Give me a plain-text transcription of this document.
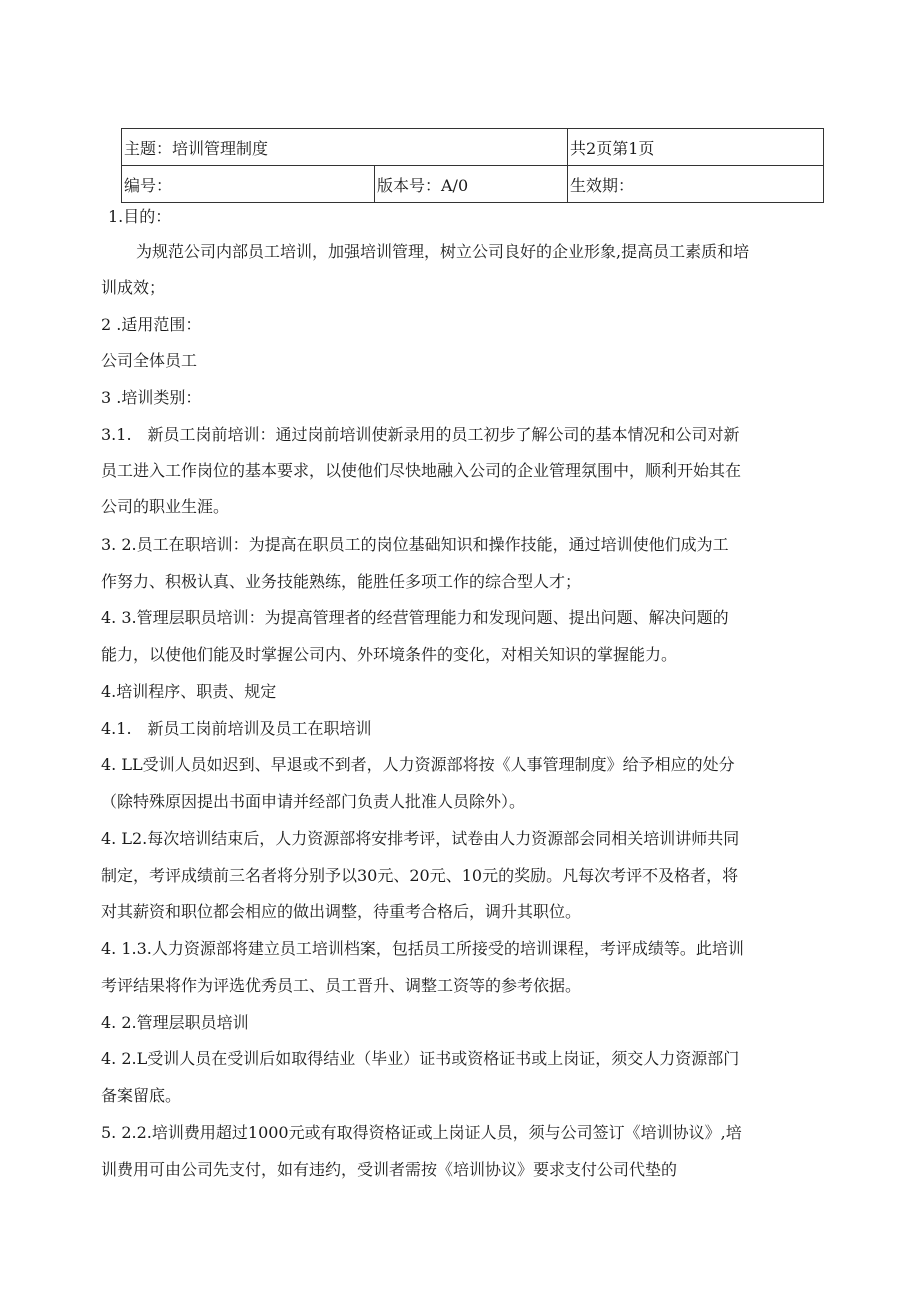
主题：培训管理制度		共2页第1页
编号：	版本号：A/0	生效期：
1.目的：
为规范公司内部员工培训，加强培训管理，树立公司良好的企业形象,提高员工素质和培
训成效；
2 .适用范围：
公司全体员工
3 .培训类别：
3.1.　新员工岗前培训：通过岗前培训使新录用的员工初步了解公司的基本情况和公司对新
员工进入工作岗位的基本要求，以使他们尽快地融入公司的企业管理氛围中，顺利开始其在
公司的职业生涯。
3. 2.员工在职培训：为提高在职员工的岗位基础知识和操作技能，通过培训使他们成为工
作努力、积极认真、业务技能熟练，能胜任多项工作的综合型人才；
4. 3.管理层职员培训：为提高管理者的经营管理能力和发现问题、提出问题、解决问题的
能力，以使他们能及时掌握公司内、外环境条件的变化，对相关知识的掌握能力。
4.培训程序、职责、规定
4.1.　新员工岗前培训及员工在职培训
4. LL受训人员如迟到、早退或不到者，人力资源部将按《人事管理制度》给予相应的处分
（除特殊原因提出书面申请并经部门负责人批准人员除外）。
4. L2.每次培训结束后，人力资源部将安排考评，试卷由人力资源部会同相关培训讲师共同
制定，考评成绩前三名者将分别予以30元、20元、10元的奖励。凡每次考评不及格者，将
对其薪资和职位都会相应的做出调整，待重考合格后，调升其职位。
4. 1.3.人力资源部将建立员工培训档案，包括员工所接受的培训课程，考评成绩等。此培训
考评结果将作为评选优秀员工、员工晋升、调整工资等的参考依据。
4. 2.管理层职员培训
4. 2.L受训人员在受训后如取得结业（毕业）证书或资格证书或上岗证，须交人力资源部门
备案留底。
5. 2.2.培训费用超过1000元或有取得资格证或上岗证人员，须与公司签订《培训协议》,培
训费用可由公司先支付，如有违约，受训者需按《培训协议》要求支付公司代垫的
